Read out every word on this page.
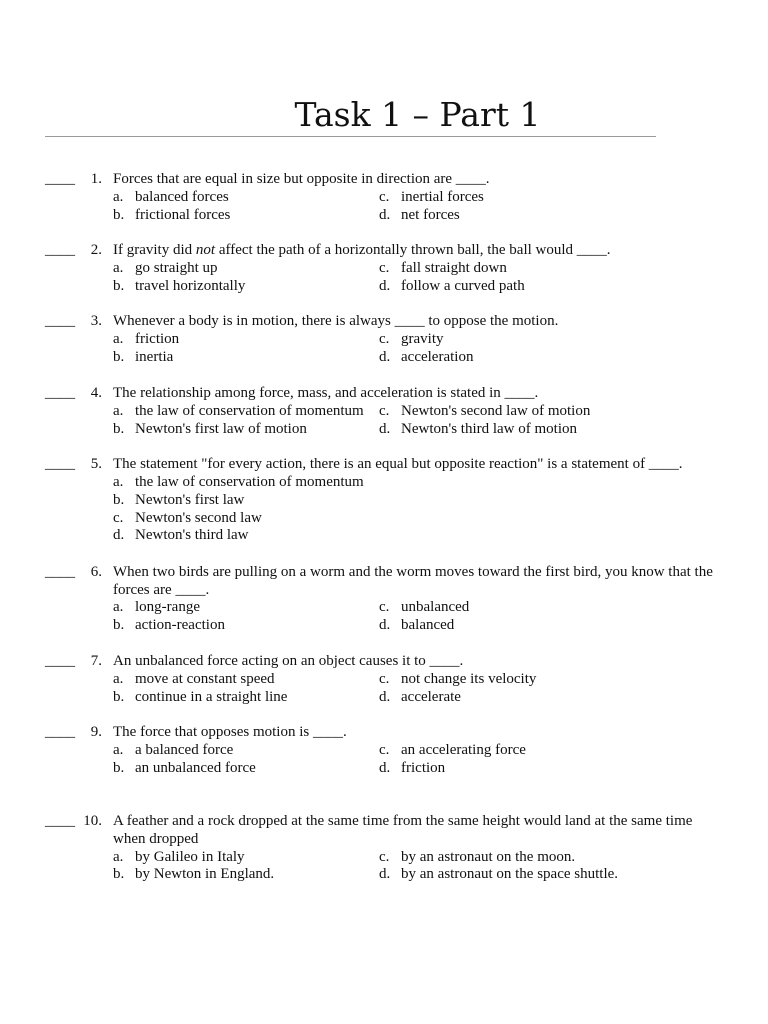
Task 1 – Part 1
____	1. Forces that are equal in size but opposite in direction are ____.
a. balanced forces
b. frictional forces
c. inertial forces
d. net forces
____	2. If gravity did not affect the path of a horizontally thrown ball, the ball would ____.
a. go straight up
b. travel horizontally
c. fall straight down
d. follow a curved path
____	3. Whenever a body is in motion, there is always ____ to oppose the motion.
a. friction
b. inertia
c. gravity
d. acceleration
____	4. The relationship among force, mass, and acceleration is stated in ____.
a. the law of conservation of momentum
b. Newton's first law of motion
c. Newton's second law of motion
d. Newton's third law of motion
____	5. The statement "for every action, there is an equal but opposite reaction" is a statement of ____.
a. the law of conservation of momentum
b. Newton's first law
c. Newton's second law
d. Newton's third law
____	6. When two birds are pulling on a worm and the worm moves toward the first bird, you know that the forces are ____.
a. long-range
b. action-reaction
c. unbalanced
d. balanced
____	7. An unbalanced force acting on an object causes it to ____.
a. move at constant speed
b. continue in a straight line
c. not change its velocity
d. accelerate
____	9. The force that opposes motion is ____.
a. a balanced force
b. an unbalanced force
c. an accelerating force
d. friction
____ 10. A feather and a rock dropped at the same time from the same height would land at the same time when dropped
a. by Galileo in Italy
b. by Newton in England.
c. by an astronaut on the moon.
d. by an astronaut on the space shuttle.
